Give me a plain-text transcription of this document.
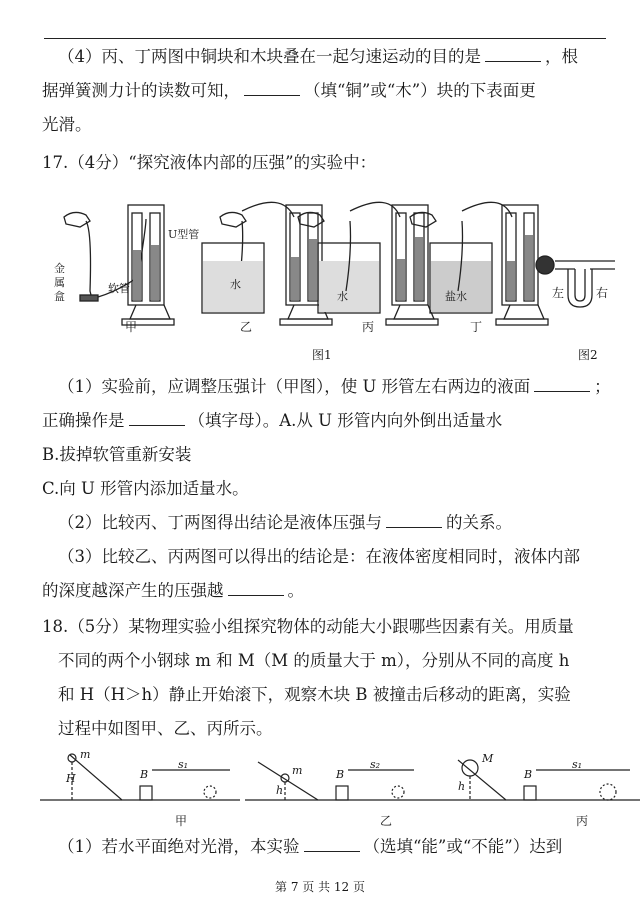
（4）丙、丁两图中铜块和木块叠在一起匀速运动的目的是	，根
据弹簧测力计的读数可知，	（填“铜”或“木”）块的下表面更
光滑。
17.（4分）“探究液体内部的压强”的实验中：
金
属
盒
软管
U型管
水
水	盐水
甲	乙	丙	丁
图1
左	右
图2
（1）实验前，应调整压强计（甲图），使 U 形管左右两边的液面	；
正确操作是	（填字母）。A.从 U 形管内向外倒出适量水
B.拔掉软管重新安装
C.向 U 形管内添加适量水。
（2）比较丙、丁两图得出结论是液体压强与	的关系。
（3）比较乙、丙两图可以得出的结论是：在液体密度相同时，液体内部
的深度越深产生的压强越	。
18.（5分）某物理实验小组探究物体的动能大小跟哪些因素有关。用质量
不同的两个小钢球 m 和 M（M 的质量大于 m），分别从不同的高度 h
和 H（H＞h）静止开始滚下，观察木块 B 被撞击后移动的距离，实验
过程中如图甲、乙、丙所示。
m
H	B
s₁
甲
m
h
B
s₂
乙
M
h
B
s₁
丙
（1）若水平面绝对光滑，本实验	（选填“能”或“不能”）达到
第 7 页 共 12 页
